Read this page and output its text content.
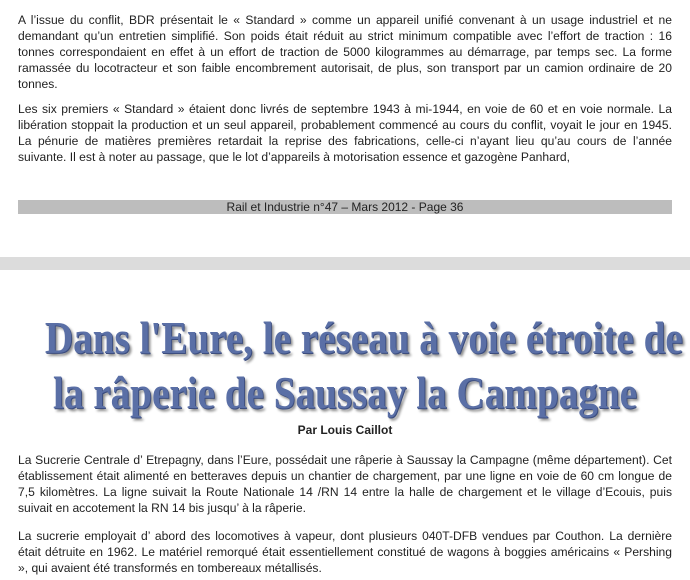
A l’issue du conflit, BDR présentait le « Standard » comme un appareil unifié convenant à un usage industriel et ne demandant qu’un entretien simplifié. Son poids était réduit au strict minimum compatible avec l’effort de traction : 16 tonnes correspondaient en effet à un effort de traction de 5000 kilogrammes au démarrage, par temps sec. La forme ramassée du locotracteur et son faible encombrement autorisait, de plus, son transport par un camion ordinaire de 20 tonnes.

Les six premiers « Standard » étaient donc livrés de septembre 1943 à mi-1944, en voie de 60 et en voie normale. La libération stoppait la production et un seul appareil, probablement commencé au cours du conflit, voyait le jour en 1945. La pénurie de matières premières retardait la reprise des fabrications, celle-ci n’ayant lieu qu’au cours de l’année suivante. Il est à noter au passage, que le lot d’appareils à motorisation essence et gazogène Panhard,

Rail et Industrie n°47 – Mars 2012 - Page 36
Dans l'Eure, le réseau à voie étroite de
la râperie de Saussay la Campagne
Par Louis Caillot

La Sucrerie Centrale d’ Etrepagny, dans l’Eure, possédait une râperie à Saussay la Campagne (même département). Cet établissement était alimenté en betteraves depuis un chantier de chargement, par une ligne en voie de 60 cm longue de 7,5 kilomètres. La ligne suivait la Route Nationale 14 /RN 14 entre la halle de chargement et le village d’Ecouis, puis suivait en accotement la RN 14 bis jusqu’ à la râperie.

La sucrerie employait d’ abord des locomotives à vapeur, dont plusieurs 040T-DFB vendues par Couthon. La dernière était détruite en 1962. Le matériel remorqué était essentiellement constitué de wagons à boggies américains « Pershing », qui avaient été transformés en tombereaux métallisés.
